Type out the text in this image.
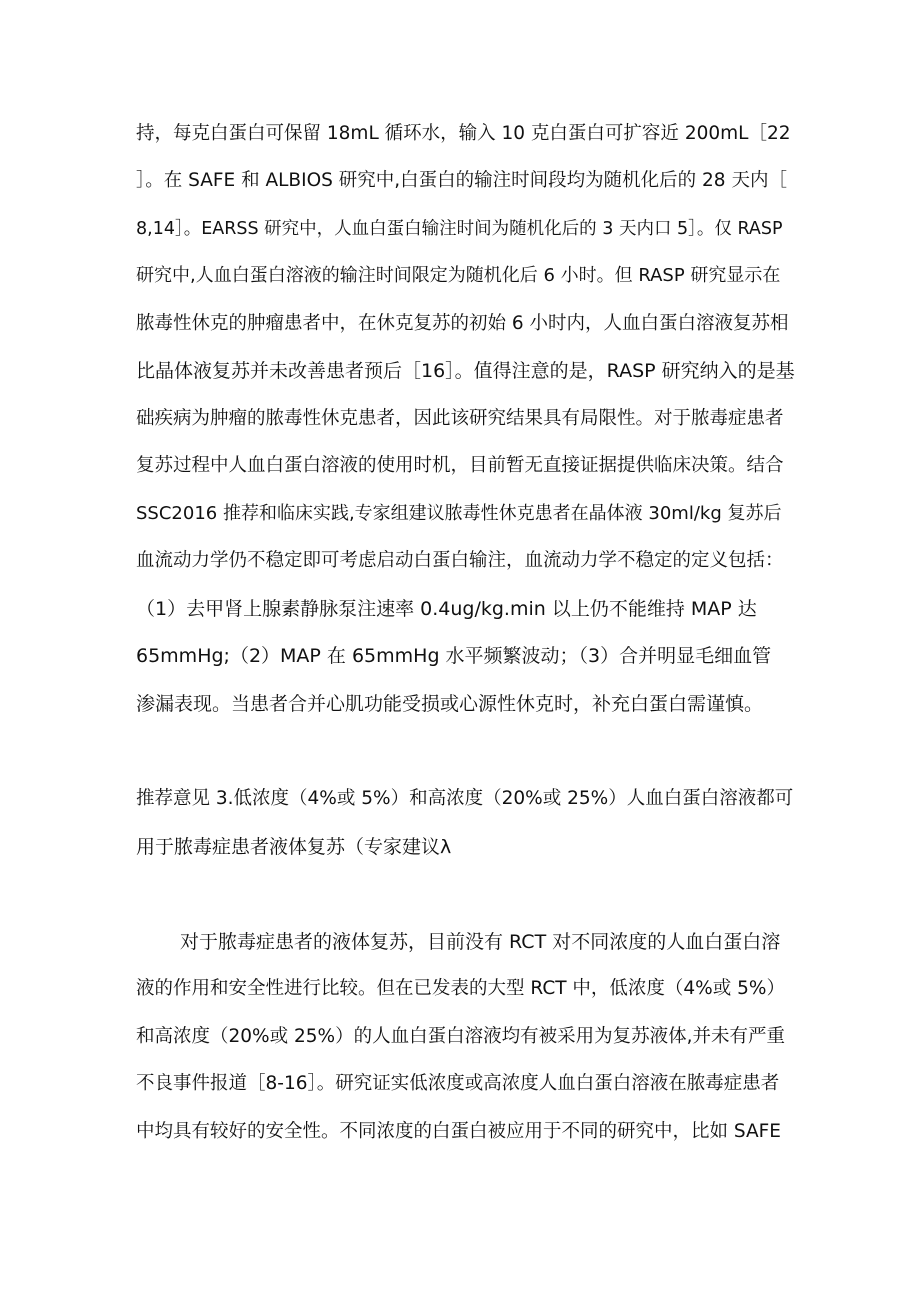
持，每克白蛋白可保留 18mL 循环水，输入 10 克白蛋白可扩容近 200mL［22
］。在 SAFE 和 ALBIOS 研究中,白蛋白的输注时间段均为随机化后的 28 天内［
8,14］。EARSS 研究中，人血白蛋白输注时间为随机化后的 3 天内口 5］。仅 RASP
研究中,人血白蛋白溶液的输注时间限定为随机化后 6 小时。但 RASP 研究显示在
脓毒性休克的肿瘤患者中，在休克复苏的初始 6 小时内，人血白蛋白溶液复苏相
比晶体液复苏并未改善患者预后［16］。值得注意的是，RASP 研究纳入的是基
础疾病为肿瘤的脓毒性休克患者，因此该研究结果具有局限性。对于脓毒症患者
复苏过程中人血白蛋白溶液的使用时机，目前暂无直接证据提供临床决策。结合
SSC2016 推荐和临床实践,专家组建议脓毒性休克患者在晶体液 30ml/kg 复苏后
血流动力学仍不稳定即可考虑启动白蛋白输注，血流动力学不稳定的定义包括：
（1）去甲肾上腺素静脉泵注速率 0.4ug/kg.min 以上仍不能维持 MAP 达
65mmHg;（2）MAP 在 65mmHg 水平频繁波动；（3）合并明显毛细血管
渗漏表现。当患者合并心肌功能受损或心源性休克时，补充白蛋白需谨慎。
推荐意见 3.低浓度（4%或 5%）和高浓度（20%或 25%）人血白蛋白溶液都可
用于脓毒症患者液体复苏（专家建议λ
对于脓毒症患者的液体复苏，目前没有 RCT 对不同浓度的人血白蛋白溶
液的作用和安全性进行比较。但在已发表的大型 RCT 中，低浓度（4%或 5%）
和高浓度（20%或 25%）的人血白蛋白溶液均有被采用为复苏液体,并未有严重
不良事件报道［8-16］。研究证实低浓度或高浓度人血白蛋白溶液在脓毒症患者
中均具有较好的安全性。不同浓度的白蛋白被应用于不同的研究中，比如 SAFE
